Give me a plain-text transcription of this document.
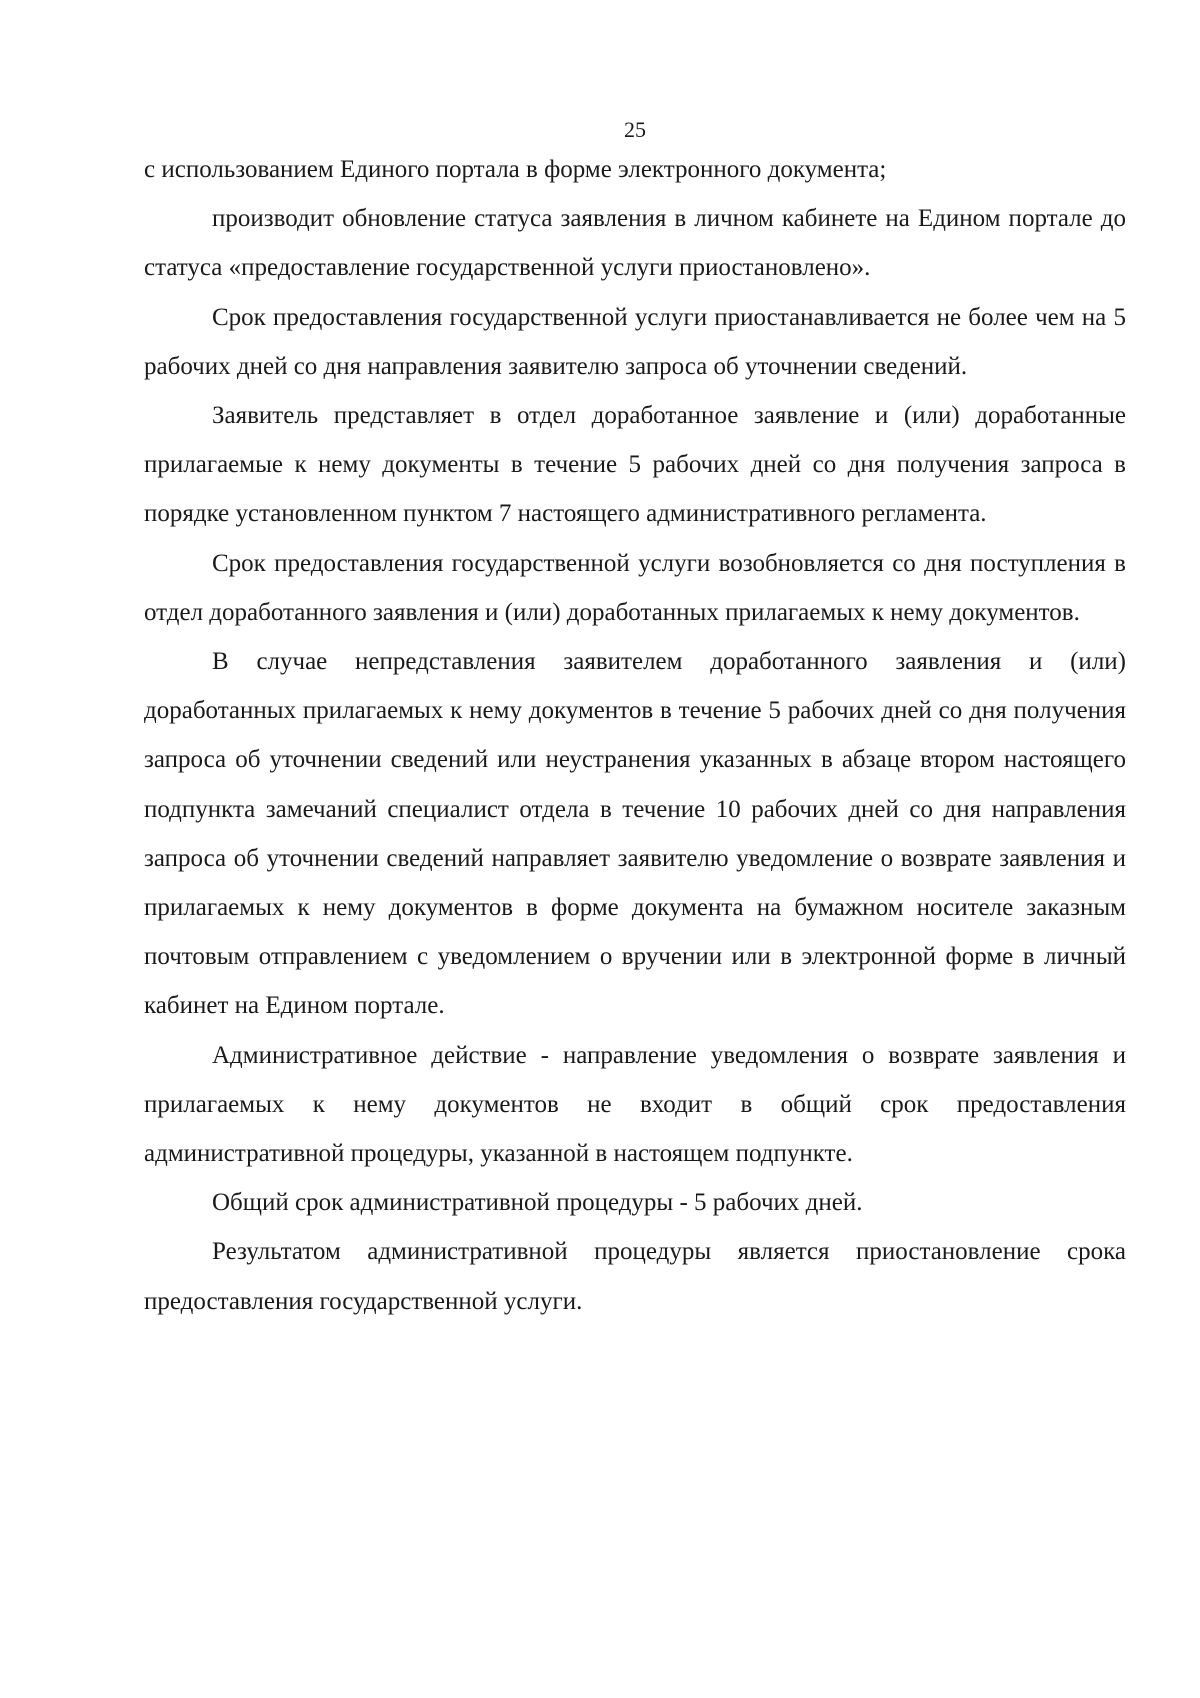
25

с использованием Единого портала в форме электронного документа;

производит обновление статуса заявления в личном кабинете на Едином портале до статуса «предоставление государственной услуги приостановлено».

Срок предоставления государственной услуги приостанавливается не более чем на 5 рабочих дней со дня направления заявителю запроса об уточнении сведений.

Заявитель представляет в отдел доработанное заявление и (или) доработанные прилагаемые к нему документы в течение 5 рабочих дней со дня получения запроса в порядке установленном пунктом 7 настоящего административного регламента.

Срок предоставления государственной услуги возобновляется со дня поступления в отдел доработанного заявления и (или) доработанных прилагаемых к нему документов.

В случае непредставления заявителем доработанного заявления и (или) доработанных прилагаемых к нему документов в течение 5 рабочих дней со дня получения запроса об уточнении сведений или неустранения указанных в абзаце втором настоящего подпункта замечаний специалист отдела в течение 10 рабочих дней со дня направления запроса об уточнении сведений направляет заявителю уведомление о возврате заявления и прилагаемых к нему документов в форме документа на бумажном носителе заказным почтовым отправлением с уведомлением о вручении или в электронной форме в личный кабинет на Едином портале.

Административное действие - направление уведомления о возврате заявления и прилагаемых к нему документов не входит в общий срок предоставления административной процедуры, указанной в настоящем подпункте.

Общий срок административной процедуры - 5 рабочих дней.

Результатом административной процедуры является приостановление срока предоставления государственной услуги.
